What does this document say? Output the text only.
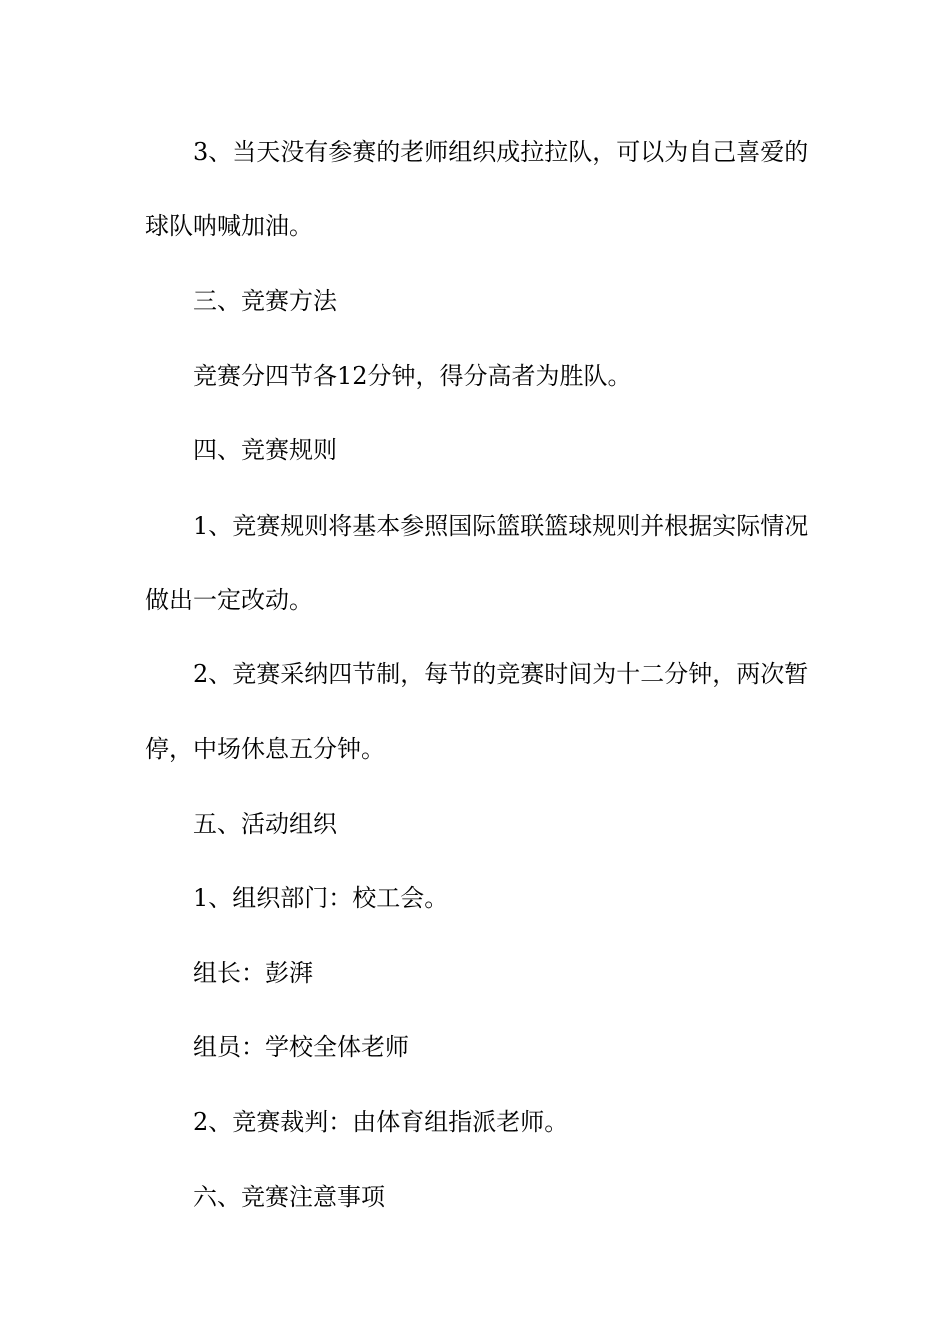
3、当天没有参赛的老师组织成拉拉队，可以为自己喜爱的
球队呐喊加油。
三、竞赛方法
竞赛分四节各12分钟，得分高者为胜队。
四、竞赛规则
1、竞赛规则将基本参照国际篮联篮球规则并根据实际情况
做出一定改动。
2、竞赛采纳四节制，每节的竞赛时间为十二分钟，两次暂
停，中场休息五分钟。
五、活动组织
1、组织部门：校工会。
组长：彭湃
组员：学校全体老师
2、竞赛裁判：由体育组指派老师。
六、竞赛注意事项
